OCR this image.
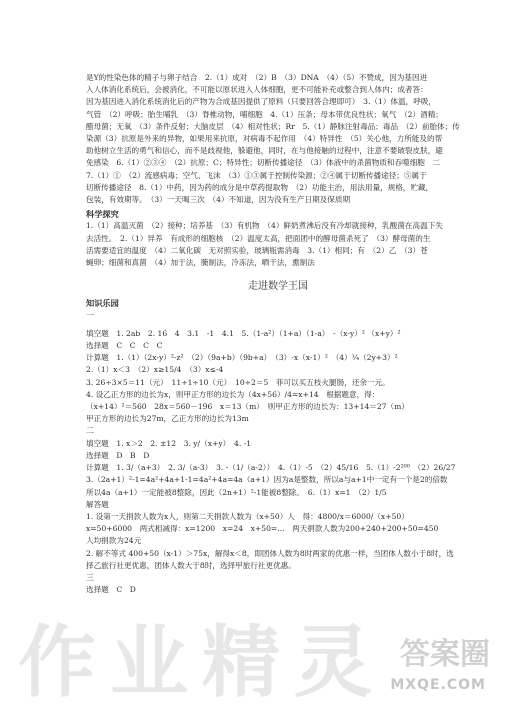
是Y的性染色体的精子与卵子结合　2.（1）成对　（2）B　（3）DNA　（4）（5）不赞成，因为基因进
入人体消化系统后，会被消化，不可能以原状进入人体细胞，更不可能补充或整合到人体内；成者答：
因为基因进入消化系统消化后的产物为合成基因提供了原料（只要回答合理即可）　3.（1）体温，呼吸，
气管　（2）呼吸；胎生哺乳　（3）脊椎动物，哺细胞　4.（1）压条；母本带优良性状；氧气　（2）酒精；
醋母菌；无氧　（3）条件反射；大脑皮层　（4）相对性状；Rr　5.（1）静脉注射毒品；毒品　（2）前胎体；传
染源（3）抗原是外来的异物，如果用来抗原，对病毒不起作用　（4）特异性　（5）关心他，力所能及的帮
助他树立生活的勇气和信心，而不是歧视他，躲避他，同时，在与他接触的过程中，注意不要破裂皮肤，避
免感染　6.（1）②③④　（2）抗原；C；特异性；切断传播途径　（3）体液中的杀菌物质和吞噬细胞　二
7.（1）①　（2）流感病毒；空气、飞沫　（3）①③属于控制传染源；②④属于切断传播途径；⑤属于
切断传播途径　8.（1）中药，因为药的成分是中草药提取物　（2）功能主治，用法用量，规格，贮藏，
包装，有效期等。　（3）一天喝三次　（4）不知道，因为没有生产日期及保质期
科学探究
1.（1）高温灭菌　（2）接种；培养基　（3）有机物　（4）鲜奶煮沸后没有冷却就接种，乳酸菌在高温下失
去活性。　2.（1）异养　有成形的细胞核　（2）温度太高，把面团中的酵母菌杀死了　（3）酵母菌的生
活需要适宜的温度　（4）二氧化碳　无对照实验，玻璃瓶需消毒　3.（1）相同；有　（2）乙　（3）苍
蝇卵；细菌和真菌　（4）加于法，腌制法，冷冻法，晒干法，熏制法
走进数学王国
知识乐园
一
填空题　1. 2ab　2. 16　4　3.1　-1　4.1　5.（1-a²）（1+a）（1-a）　-（x-y）² （x+y）²
选择题　C　C　C　C
计算题　1.（1）（2x-y）²-z²　（2）（9a+b）（9b+a）　（3）-x（x-1）²　（4）¼（2y+3）²
2.（1）x＜3　（2）x≥15/4　（3）x≤-4
3. 26÷3×5＝11（元）　11÷1÷10（元）　10÷2＝5　菲可以买五枝火腿肠，还余一元。
4. 设乙正方形的边长为x，则甲正方形的边长为（4x+56）/4=x+14　根据题意，得：
（x+14）²＝560　28x＝560－196　x＝13（m）　则甲正方形的边长为：13+14＝27（m）
甲正方形的边长为27m，乙正方形的边长为13m
二
填空题　1. x＞2　2. ±12　3. y/（x+y）　4. -1
选择题　D　B　D
计算题　1. 3/（a+3）　2. 3/（a-3）　3. -（1/（a-2））　4.（1）-5　（2）45/16　5.（1）-2²⁰⁰　（2）26/27
3.（2a+1）²-1=4a²+4a+1-1=4a²+4a=4a（a+1）因为a是整数，所以a与a+1中一定有一个是2的倍数
所以4a（a+1）一定能被8整除，因此（2n+1）²-1能被8整除。　6.（1）x=1　（2）1/5
解答题
1. 设第一天捐款人数为x人，则第二天捐款人数为（x+50）人　得：4800/x＝6000/（x+50）
x=50+6000　两式相减得：x=1200　x=24　x+50=...　两天捐款人数为200+240+200+50=450
人均捐款为24元
2. 解不等式 400+50（x-1）＞75x，解得x＜8，即团体人数为8时两家的优惠一样，当团体人数小于8时，选
择乙旅行社更优惠，团体人数大于8时，选择甲旅行社更优惠。
三
选择题　C　D
作业精灵 答案圈
MXQE.COM
